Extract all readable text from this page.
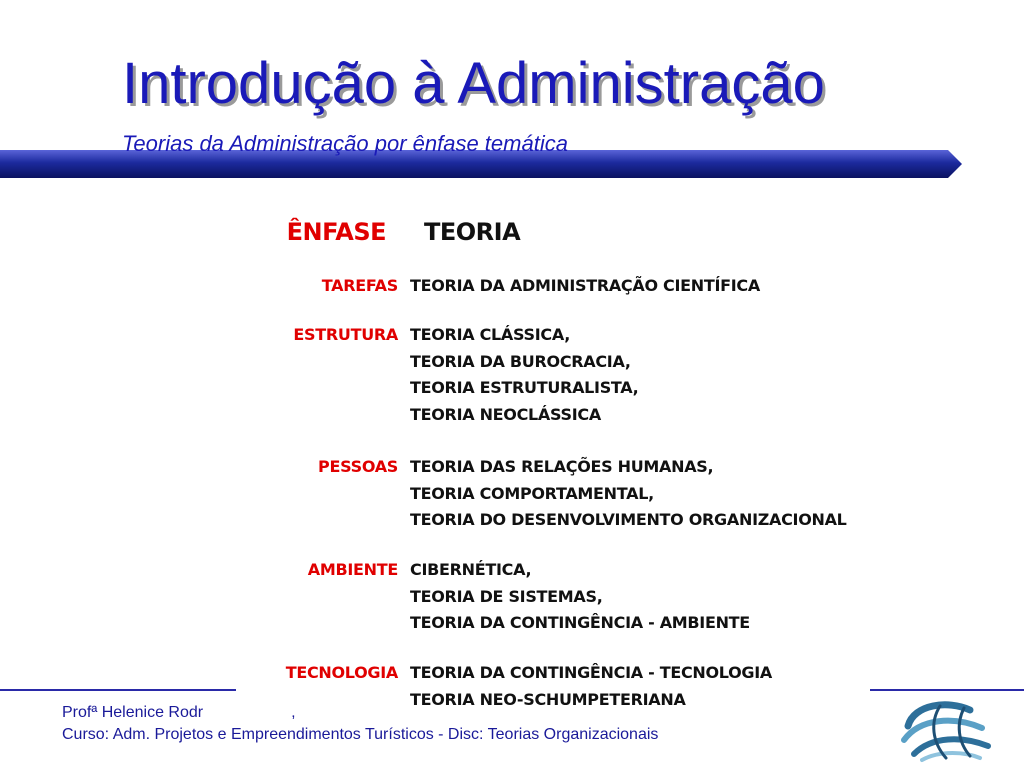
Introdução à Administração
Teorias da Administração por ênfase temática
ÊNFASE TEORIA
TAREFAS TEORIA DA ADMINISTRAÇÃO CIENTÍFICA
ESTRUTURA TEORIA CLÁSSICA,
TEORIA DA BUROCRACIA,
TEORIA ESTRUTURALISTA,
TEORIA NEOCLÁSSICA
PESSOAS TEORIA DAS RELAÇÕES HUMANAS,
TEORIA COMPORTAMENTAL,
TEORIA DO DESENVOLVIMENTO ORGANIZACIONAL
AMBIENTE CIBERNÉTICA,
TEORIA DE SISTEMAS,
TEORIA DA CONTINGÊNCIA - AMBIENTE
TECNOLOGIA TEORIA DA CONTINGÊNCIA - TECNOLOGIA
TEORIA NEO-SCHUMPETERIANA
Profª Helenice Rodr	,
Curso: Adm. Projetos e Empreendimentos Turísticos - Disc: Teorias Organizacionais
